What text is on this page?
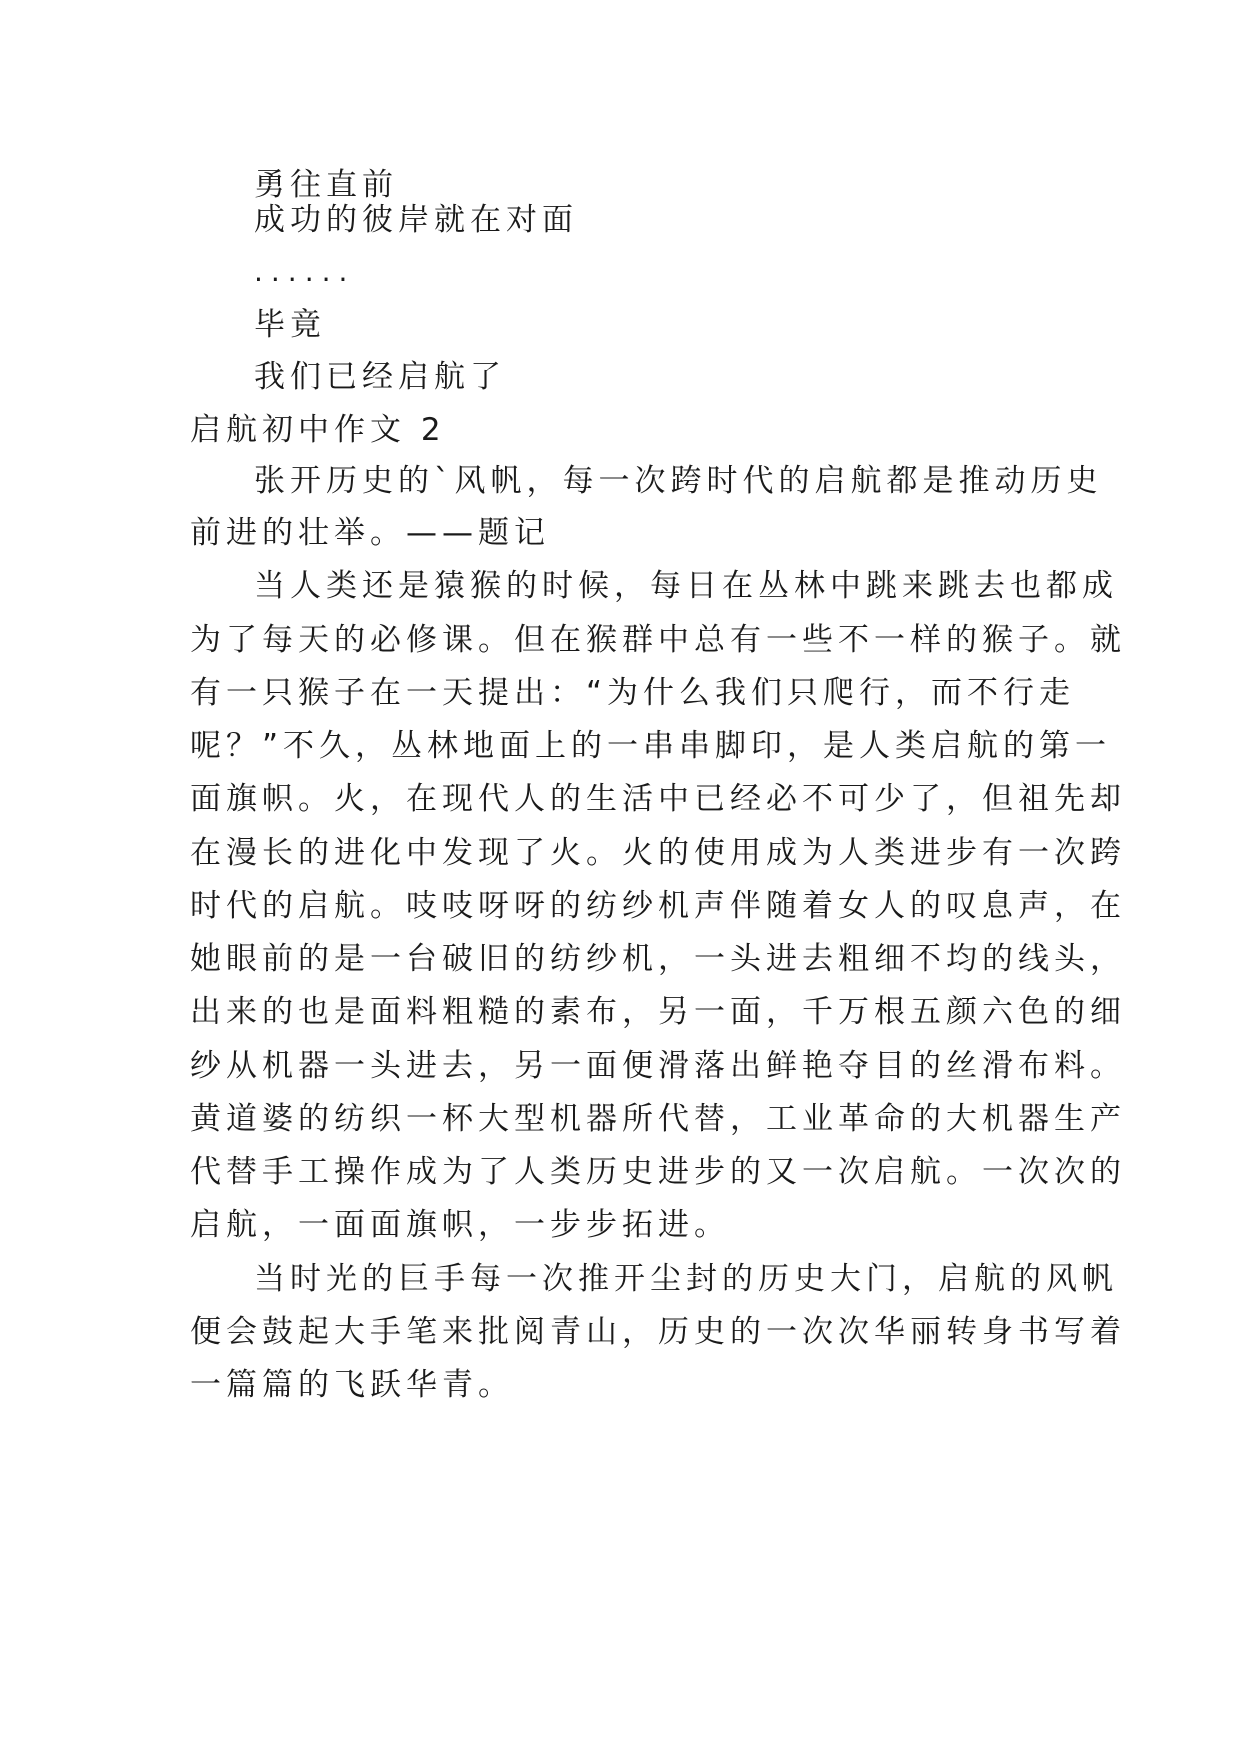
勇往直前

成功的彼岸就在对面

······

毕竟

我们已经启航了

启航初中作文 2

张开历史的`风帆，每一次跨时代的启航都是推动历史

前进的壮举。——题记

当人类还是猿猴的时候，每日在丛林中跳来跳去也都成

为了每天的必修课。但在猴群中总有一些不一样的猴子。就

有一只猴子在一天提出：“为什么我们只爬行，而不行走

呢？”不久，丛林地面上的一串串脚印，是人类启航的第一

面旗帜。火，在现代人的生活中已经必不可少了，但祖先却

在漫长的进化中发现了火。火的使用成为人类进步有一次跨

时代的启航。吱吱呀呀的纺纱机声伴随着女人的叹息声，在

她眼前的是一台破旧的纺纱机，一头进去粗细不均的线头，

出来的也是面料粗糙的素布，另一面，千万根五颜六色的细

纱从机器一头进去，另一面便滑落出鲜艳夺目的丝滑布料。

黄道婆的纺织一杯大型机器所代替，工业革命的大机器生产

代替手工操作成为了人类历史进步的又一次启航。一次次的

启航，一面面旗帜，一步步拓进。

当时光的巨手每一次推开尘封的历史大门，启航的风帆

便会鼓起大手笔来批阅青山，历史的一次次华丽转身书写着

一篇篇的飞跃华青。
